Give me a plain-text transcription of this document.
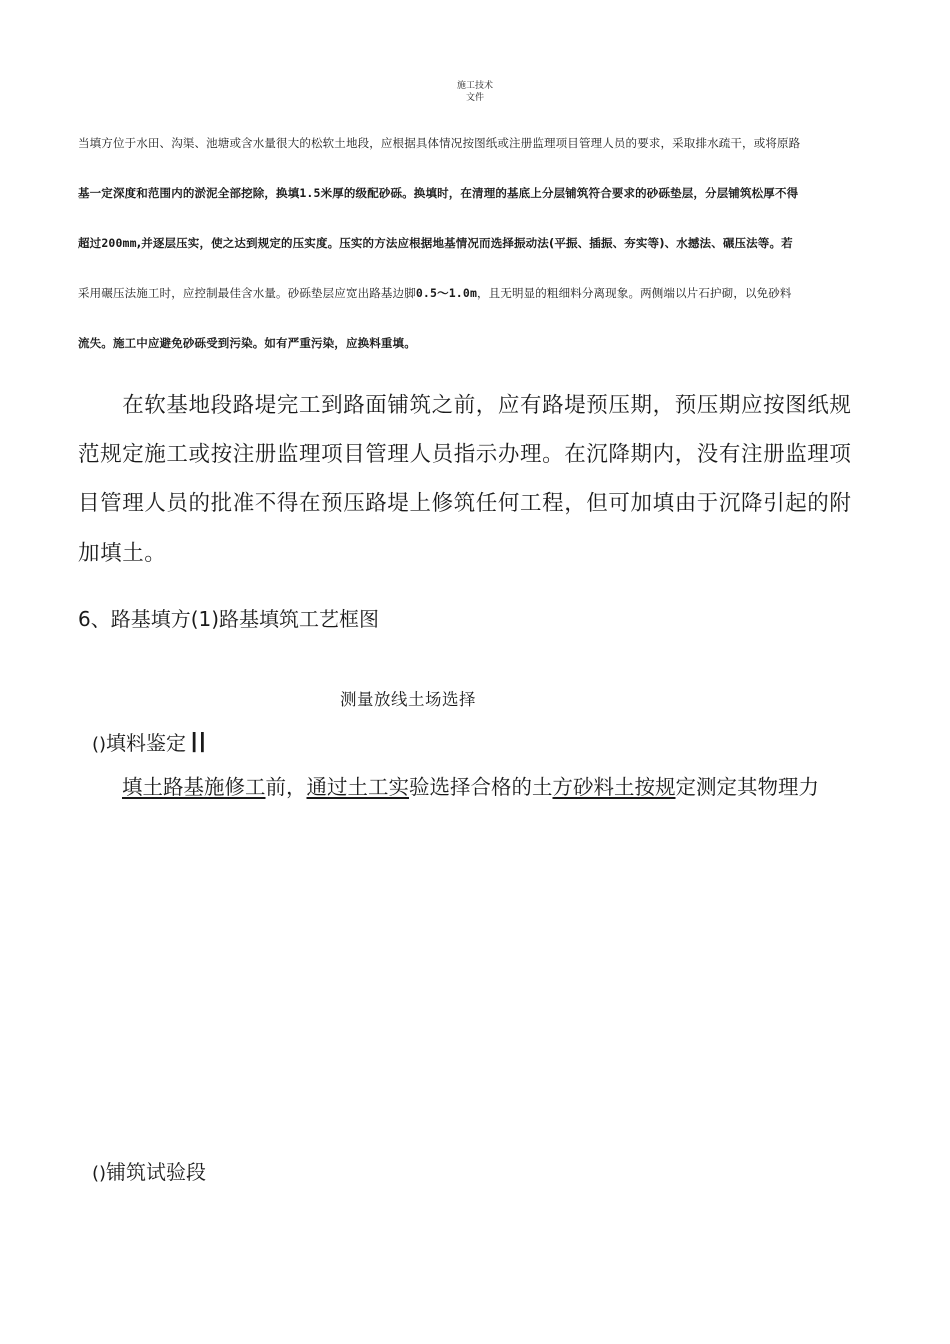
施工技术
文件
当填方位于水田、沟渠、池塘或含水量很大的松软土地段，应根据具体情况按图纸或注册监理项目管理人员的要求，采取排水疏干，或将原路
基一定深度和范围内的淤泥全部挖除，换填1.5米厚的级配砂砾。换填时，在清理的基底上分层铺筑符合要求的砂砾垫层，分层铺筑松厚不得
超过200mm,并逐层压实，使之达到规定的压实度。压实的方法应根据地基情况而选择振动法(平振、插振、夯实等)、水撼法、碾压法等。若
采用碾压法施工时，应控制最佳含水量。砂砾垫层应宽出路基边脚0.5〜1.0m，且无明显的粗细料分离现象。两侧端以片石护砌，以免砂料
流失。施工中应避免砂砾受到污染。如有严重污染，应换料重填。
　　在软基地段路堤完工到路面铺筑之前，应有路堤预压期，预压期应按图纸规
范规定施工或按注册监理项目管理人员指示办理。在沉降期内，没有注册监理项
目管理人员的批准不得在预压路堤上修筑任何工程，但可加填由于沉降引起的附
加填土。
6、路基填方(1)路基填筑工艺框图
测量放线土场选择
()填料鉴定 II
填土路基施修工前，通过土工实验选择合格的土方砂料土按规定测定其物理力
()铺筑试验段
